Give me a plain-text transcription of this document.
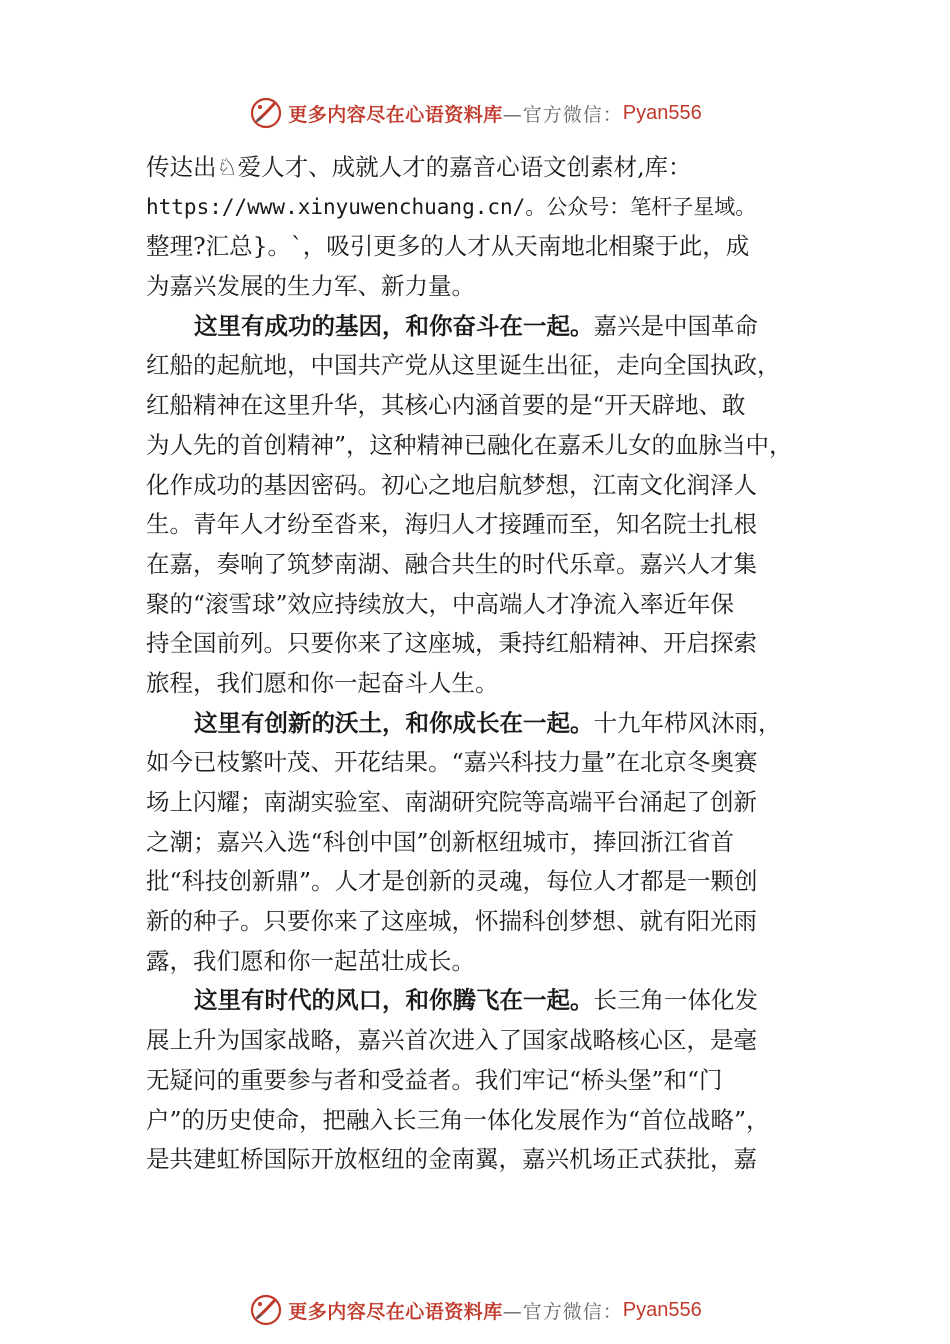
更多内容尽在心语资料库 —官方微信： Pyan556
传达出♘爱人才、成就人才的嘉音心语文创素材,库：
https://www.xinyuwenchuang.cn/。公众号：笔杆子星域。
整理?汇总}。`，吸引更多的人才从天南地北相聚于此，成
为嘉兴发展的生力军、新力量。
这里有成功的基因，和你奋斗在一起。嘉兴是中国革命
红船的起航地，中国共产党从这里诞生出征，走向全国执政，
红船精神在这里升华，其核心内涵首要的是“开天辟地、敢
为人先的首创精神”，这种精神已融化在嘉禾儿女的血脉当中，
化作成功的基因密码。初心之地启航梦想，江南文化润泽人
生。青年人才纷至沓来，海归人才接踵而至，知名院士扎根
在嘉，奏响了筑梦南湖、融合共生的时代乐章。嘉兴人才集
聚的“滚雪球”效应持续放大，中高端人才净流入率近年保
持全国前列。只要你来了这座城，秉持红船精神、开启探索
旅程，我们愿和你一起奋斗人生。
这里有创新的沃土，和你成长在一起。十九年栉风沐雨，
如今已枝繁叶茂、开花结果。“嘉兴科技力量”在北京冬奥赛
场上闪耀；南湖实验室、南湖研究院等高端平台涌起了创新
之潮；嘉兴入选“科创中国”创新枢纽城市，捧回浙江省首
批“科技创新鼎”。人才是创新的灵魂，每位人才都是一颗创
新的种子。只要你来了这座城，怀揣科创梦想、就有阳光雨
露，我们愿和你一起茁壮成长。
这里有时代的风口，和你腾飞在一起。长三角一体化发
展上升为国家战略，嘉兴首次进入了国家战略核心区，是毫
无疑问的重要参与者和受益者。我们牢记“桥头堡”和“门
户”的历史使命，把融入长三角一体化发展作为“首位战略”，
是共建虹桥国际开放枢纽的金南翼，嘉兴机场正式获批，嘉
更多内容尽在心语资料库 —官方微信： Pyan556
